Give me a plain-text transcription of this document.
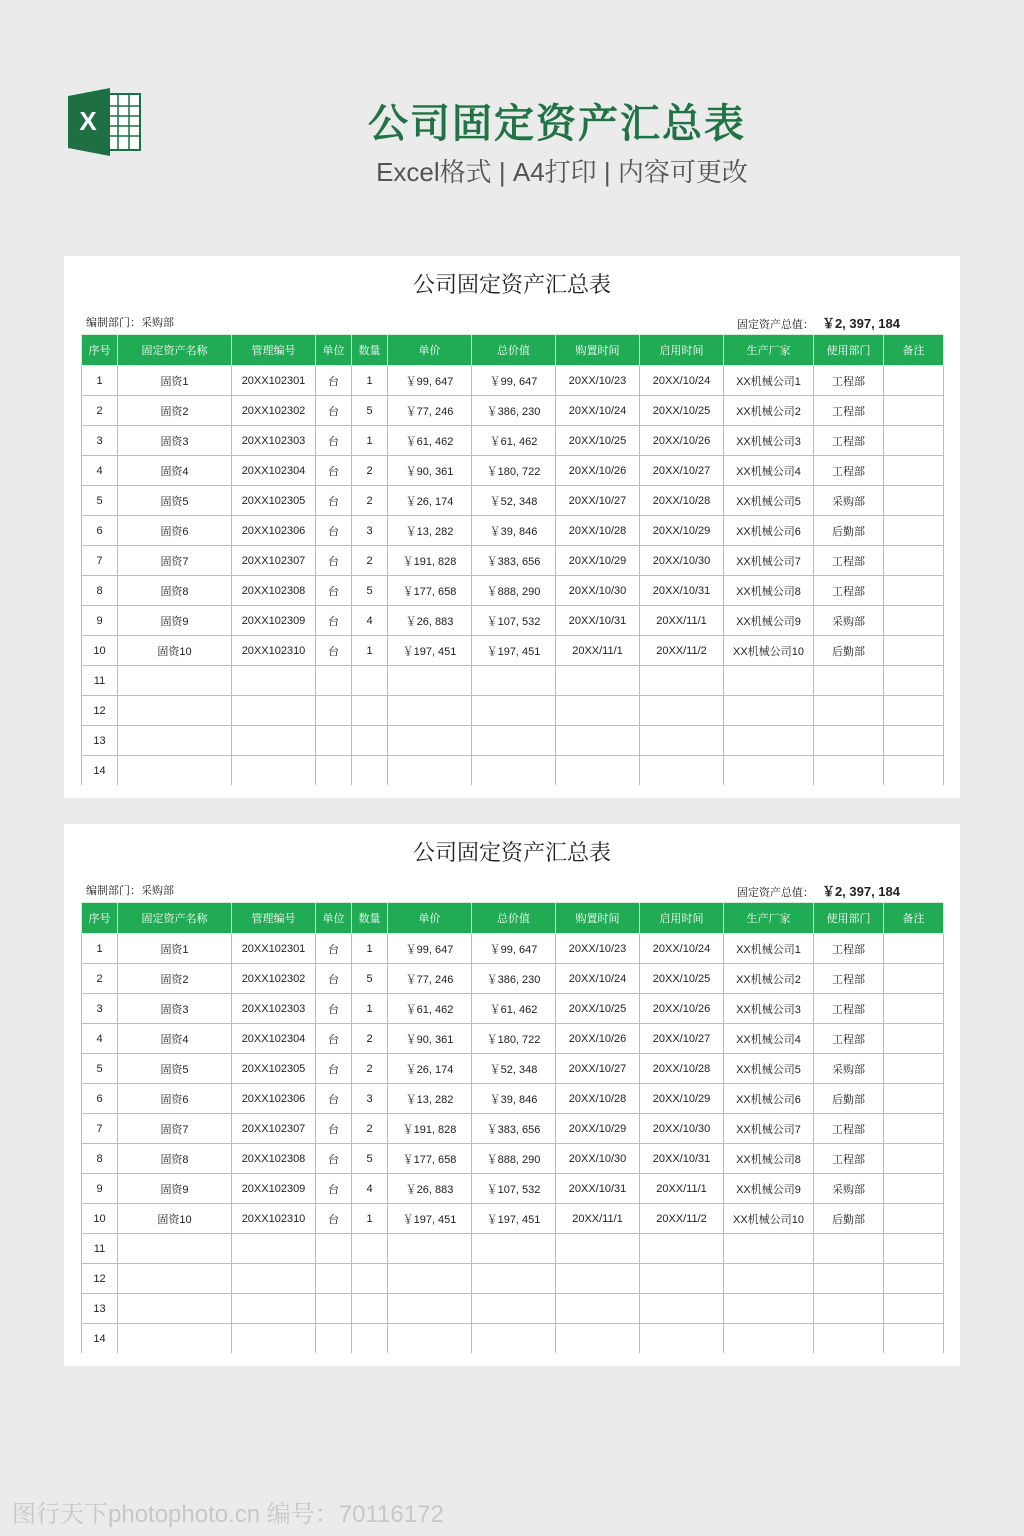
X	公司固定资产汇总表
Excel格式 | A4打印 | 内容可更改
公司固定资产汇总表
编制部门：采购部	固定资产总值： ￥2, 397, 184
序号	固定资产名称	管理编号	单位	数量	单价	总价值	购置时间	启用时间	生产厂家	使用部门	备注
1	固资1	20XX102301	台	1	￥99, 647	￥99, 647	20XX/10/23	20XX/10/24	XX机械公司1	工程部	
2	固资2	20XX102302	台	5	￥77, 246	￥386, 230	20XX/10/24	20XX/10/25	XX机械公司2	工程部	
3	固资3	20XX102303	台	1	￥61, 462	￥61, 462	20XX/10/25	20XX/10/26	XX机械公司3	工程部	
4	固资4	20XX102304	台	2	￥90, 361	￥180, 722	20XX/10/26	20XX/10/27	XX机械公司4	工程部	
5	固资5	20XX102305	台	2	￥26, 174	￥52, 348	20XX/10/27	20XX/10/28	XX机械公司5	采购部	
6	固资6	20XX102306	台	3	￥13, 282	￥39, 846	20XX/10/28	20XX/10/29	XX机械公司6	后勤部	
7	固资7	20XX102307	台	2	￥191, 828	￥383, 656	20XX/10/29	20XX/10/30	XX机械公司7	工程部	
8	固资8	20XX102308	台	5	￥177, 658	￥888, 290	20XX/10/30	20XX/10/31	XX机械公司8	工程部	
9	固资9	20XX102309	台	4	￥26, 883	￥107, 532	20XX/10/31	20XX/11/1	XX机械公司9	采购部	
10	固资10	20XX102310	台	1	￥197, 451	￥197, 451	20XX/11/1	20XX/11/2	XX机械公司10	后勤部	
11											
12											
13											
14											
公司固定资产汇总表
编制部门：采购部	固定资产总值： ￥2, 397, 184
序号	固定资产名称	管理编号	单位	数量	单价	总价值	购置时间	启用时间	生产厂家	使用部门	备注
1	固资1	20XX102301	台	1	￥99, 647	￥99, 647	20XX/10/23	20XX/10/24	XX机械公司1	工程部	
2	固资2	20XX102302	台	5	￥77, 246	￥386, 230	20XX/10/24	20XX/10/25	XX机械公司2	工程部	
3	固资3	20XX102303	台	1	￥61, 462	￥61, 462	20XX/10/25	20XX/10/26	XX机械公司3	工程部	
4	固资4	20XX102304	台	2	￥90, 361	￥180, 722	20XX/10/26	20XX/10/27	XX机械公司4	工程部	
5	固资5	20XX102305	台	2	￥26, 174	￥52, 348	20XX/10/27	20XX/10/28	XX机械公司5	采购部	
6	固资6	20XX102306	台	3	￥13, 282	￥39, 846	20XX/10/28	20XX/10/29	XX机械公司6	后勤部	
7	固资7	20XX102307	台	2	￥191, 828	￥383, 656	20XX/10/29	20XX/10/30	XX机械公司7	工程部	
8	固资8	20XX102308	台	5	￥177, 658	￥888, 290	20XX/10/30	20XX/10/31	XX机械公司8	工程部	
9	固资9	20XX102309	台	4	￥26, 883	￥107, 532	20XX/10/31	20XX/11/1	XX机械公司9	采购部	
10	固资10	20XX102310	台	1	￥197, 451	￥197, 451	20XX/11/1	20XX/11/2	XX机械公司10	后勤部	
11											
12											
13											
14											
图行天下photophoto.cn 编号：70116172
